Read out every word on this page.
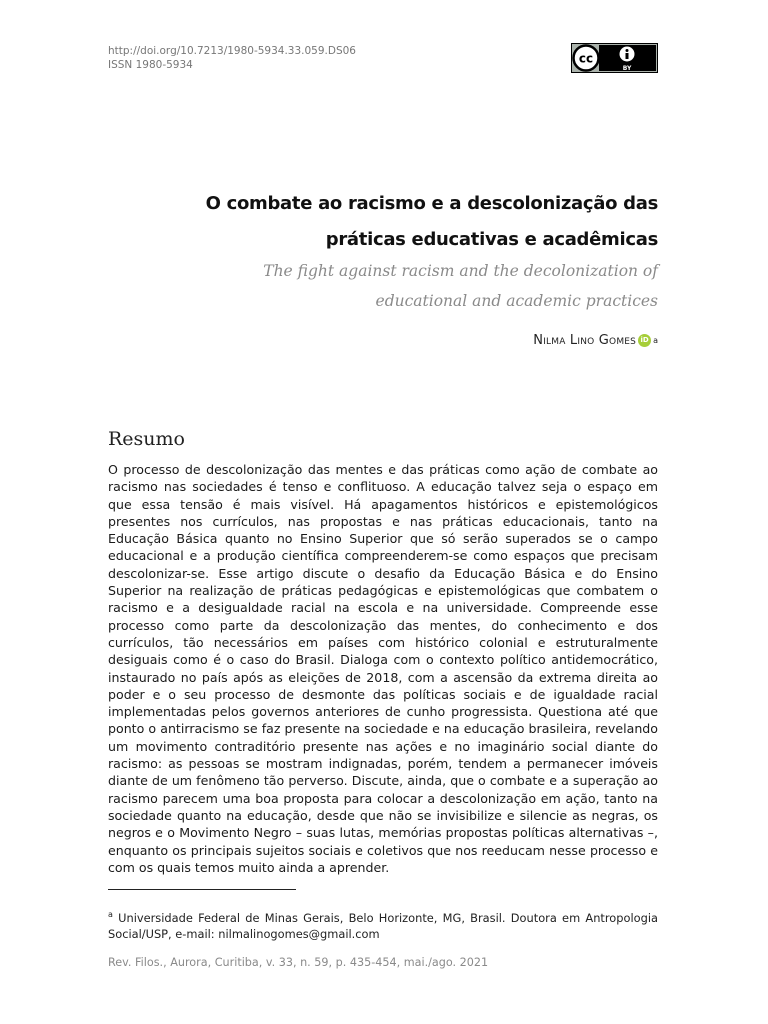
http://doi.org/10.7213/1980-5934.33.059.DS06
ISSN 1980-5934	cc
BY
O combate ao racismo e a descolonização das
práticas educativas e acadêmicas
The fight against racism and the decolonization of
educational and academic practices
Nilma Lino Gomes iD a
Resumo

O processo de descolonização das mentes e das práticas como ação de combate ao racismo nas sociedades é tenso e conflituoso. A educação talvez seja o espaço em que essa tensão é mais visível. Há apagamentos históricos e epistemológicos presentes nos currículos, nas propostas e nas práticas educacionais, tanto na Educação Básica quanto no Ensino Superior que só serão superados se o campo educacional e a produção científica compreenderem-se como espaços que precisam descolonizar-se. Esse artigo discute o desafio da Educação Básica e do Ensino Superior na realização de práticas pedagógicas e epistemológicas que combatem o racismo e a desigualdade racial na escola e na universidade. Compreende esse processo como parte da descolonização das mentes, do conhecimento e dos currículos, tão necessários em países com histórico colonial e estruturalmente desiguais como é o caso do Brasil. Dialoga com o contexto político antidemocrático, instaurado no país após as eleições de 2018, com a ascensão da extrema direita ao poder e o seu processo de desmonte das políticas sociais e de igualdade racial implementadas pelos governos anteriores de cunho progressista. Questiona até que ponto o antirracismo se faz presente na sociedade e na educação brasileira, revelando um movimento contraditório presente nas ações e no imaginário social diante do racismo: as pessoas se mostram indignadas, porém, tendem a permanecer imóveis diante de um fenômeno tão perverso. Discute, ainda, que o combate e a superação ao racismo parecem uma boa proposta para colocar a descolonização em ação, tanto na sociedade quanto na educação, desde que não se invisibilize e silencie as negras, os negros e o Movimento Negro – suas lutas, memórias propostas políticas alternativas –, enquanto os principais sujeitos sociais e coletivos que nos reeducam nesse processo e com os quais temos muito ainda a aprender.

$^a$ Universidade Federal de Minas Gerais, Belo Horizonte, MG, Brasil. Doutora em Antropologia Social/USP, e-mail: nilmalinogomes@gmail.com

Rev. Filos., Aurora, Curitiba, v. 33, n. 59, p. 435-454, mai./ago. 2021
